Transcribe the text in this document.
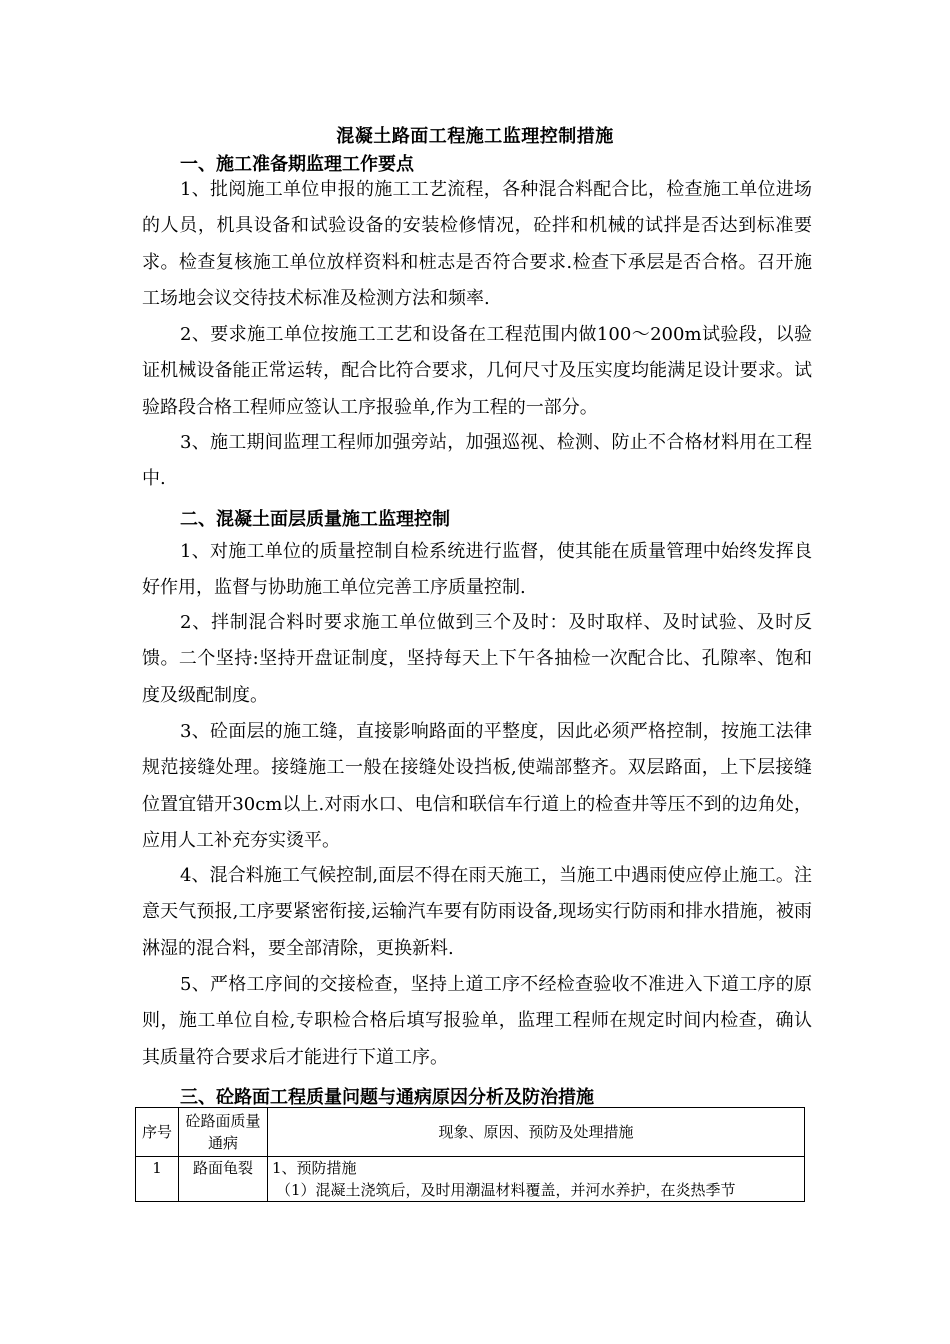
混凝土路面工程施工监理控制措施
一、施工准备期监理工作要点
1、批阅施工单位申报的施工工艺流程，各种混合料配合比，检查施工单位进场的人员，机具设备和试验设备的安装检修情况，砼拌和机械的试拌是否达到标准要求。检查复核施工单位放样资料和桩志是否符合要求.检查下承层是否合格。召开施工场地会议交待技术标准及检测方法和频率.
2、要求施工单位按施工工艺和设备在工程范围内做100～200m试验段，以验证机械设备能正常运转，配合比符合要求，几何尺寸及压实度均能满足设计要求。试验路段合格工程师应签认工序报验单,作为工程的一部分。
3、施工期间监理工程师加强旁站，加强巡视、检测、防止不合格材料用在工程中.
二、混凝土面层质量施工监理控制
1、对施工单位的质量控制自检系统进行监督，使其能在质量管理中始终发挥良好作用，监督与协助施工单位完善工序质量控制.
2、拌制混合料时要求施工单位做到三个及时：及时取样、及时试验、及时反馈。二个坚持:坚持开盘证制度，坚持每天上下午各抽检一次配合比、孔隙率、饱和度及级配制度。
3、砼面层的施工缝，直接影响路面的平整度，因此必须严格控制，按施工法律规范接缝处理。接缝施工一般在接缝处设挡板,使端部整齐。双层路面，上下层接缝位置宜错开30cm以上.对雨水口、电信和联信车行道上的检查井等压不到的边角处，应用人工补充夯实烫平。
4、混合料施工气候控制,面层不得在雨天施工，当施工中遇雨使应停止施工。注意天气预报,工序要紧密衔接,运输汽车要有防雨设备,现场实行防雨和排水措施，被雨淋湿的混合料，要全部清除，更换新料.
5、严格工序间的交接检查，坚持上道工序不经检查验收不准进入下道工序的原则，施工单位自检,专职检合格后填写报验单，监理工程师在规定时间内检查，确认其质量符合要求后才能进行下道工序。
三、砼路面工程质量问题与通病原因分析及防治措施
序号	砼路面质量通病	现象、原因、预防及处理措施
1	路面龟裂	1、预防措施
（1）混凝土浇筑后，及时用潮温材料覆盖，并河水养护，在炎热季节
